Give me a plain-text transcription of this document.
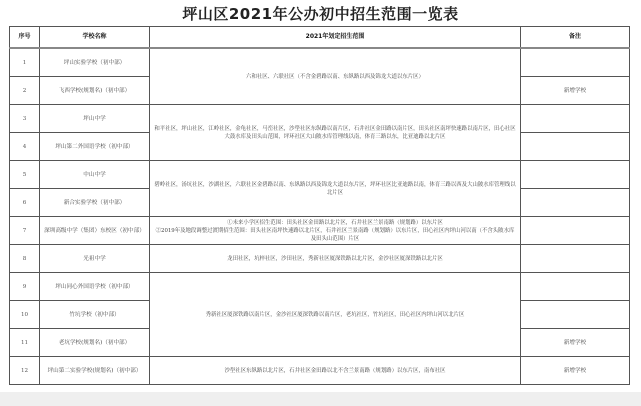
坪山区2021年公办初中招生范围一览表
序号	学校名称	2021年划定招生范围	备注
1	坪山实验学校（初中部）	六和社区、六联社区（不含金碧路以南、东纵路以西及锦龙大道以东片区）	
2	飞西学校(规划名)（初中部）		新增学校
3	坪山中学	和平社区，坪山社区，江岭社区，金龟社区，马峦社区，沙壆社区东纵路以南片区，石井社区金田路以南片区，田头社区南坪快速路以南片区，田心社区大鼓水库及田头山范围，坪环社区大山陂水库管理线以南，体育三路以东，比亚迪路以北片区	
4	坪山第二外国语学校（初中部）		
5	中山中学	碧岭社区，汤坑社区，沙湖社区，六联社区金碧路以南、东纵路以西及锦龙大道以东片区，坪环社区比亚迪路以南，体育三路以西及大山陂水库管理线以北片区	
6	新合实验学校（初中部）		
7	深圳高级中学（集团）东校区（初中部）	①未来小学区招生范围：田头社区金田路以北片区，石井社区兰景南路（规划路）以东片区
②2019年及地段调整过渡期招生范围：田头社区南坪快速路以北片区，石井社区兰景南路（规划路）以东片区，田心社区内坪山河以南（不含头陂水库及田头山范围）片区	

8	光祖中学	龙田社区，坑梓社区，沙田社区，秀新社区厦深铁路以北片区，金沙社区厦深铁路以北片区	
9	坪山同心外国语学校（初中部）	秀新社区厦深铁路以南片区，金沙社区厦深铁路以南片区，老坑社区，竹坑社区，田心社区内坪山河以北片区	
10	竹坑学校（初中部）		
11	老坑学校(规划名)（初中部）		新增学校
12	坪山第二实验学校(规划名)（初中部）	沙壆社区东纵路以北片区，石井社区金田路以北不含兰景南路（规划路）以东片区，南布社区	新增学校
